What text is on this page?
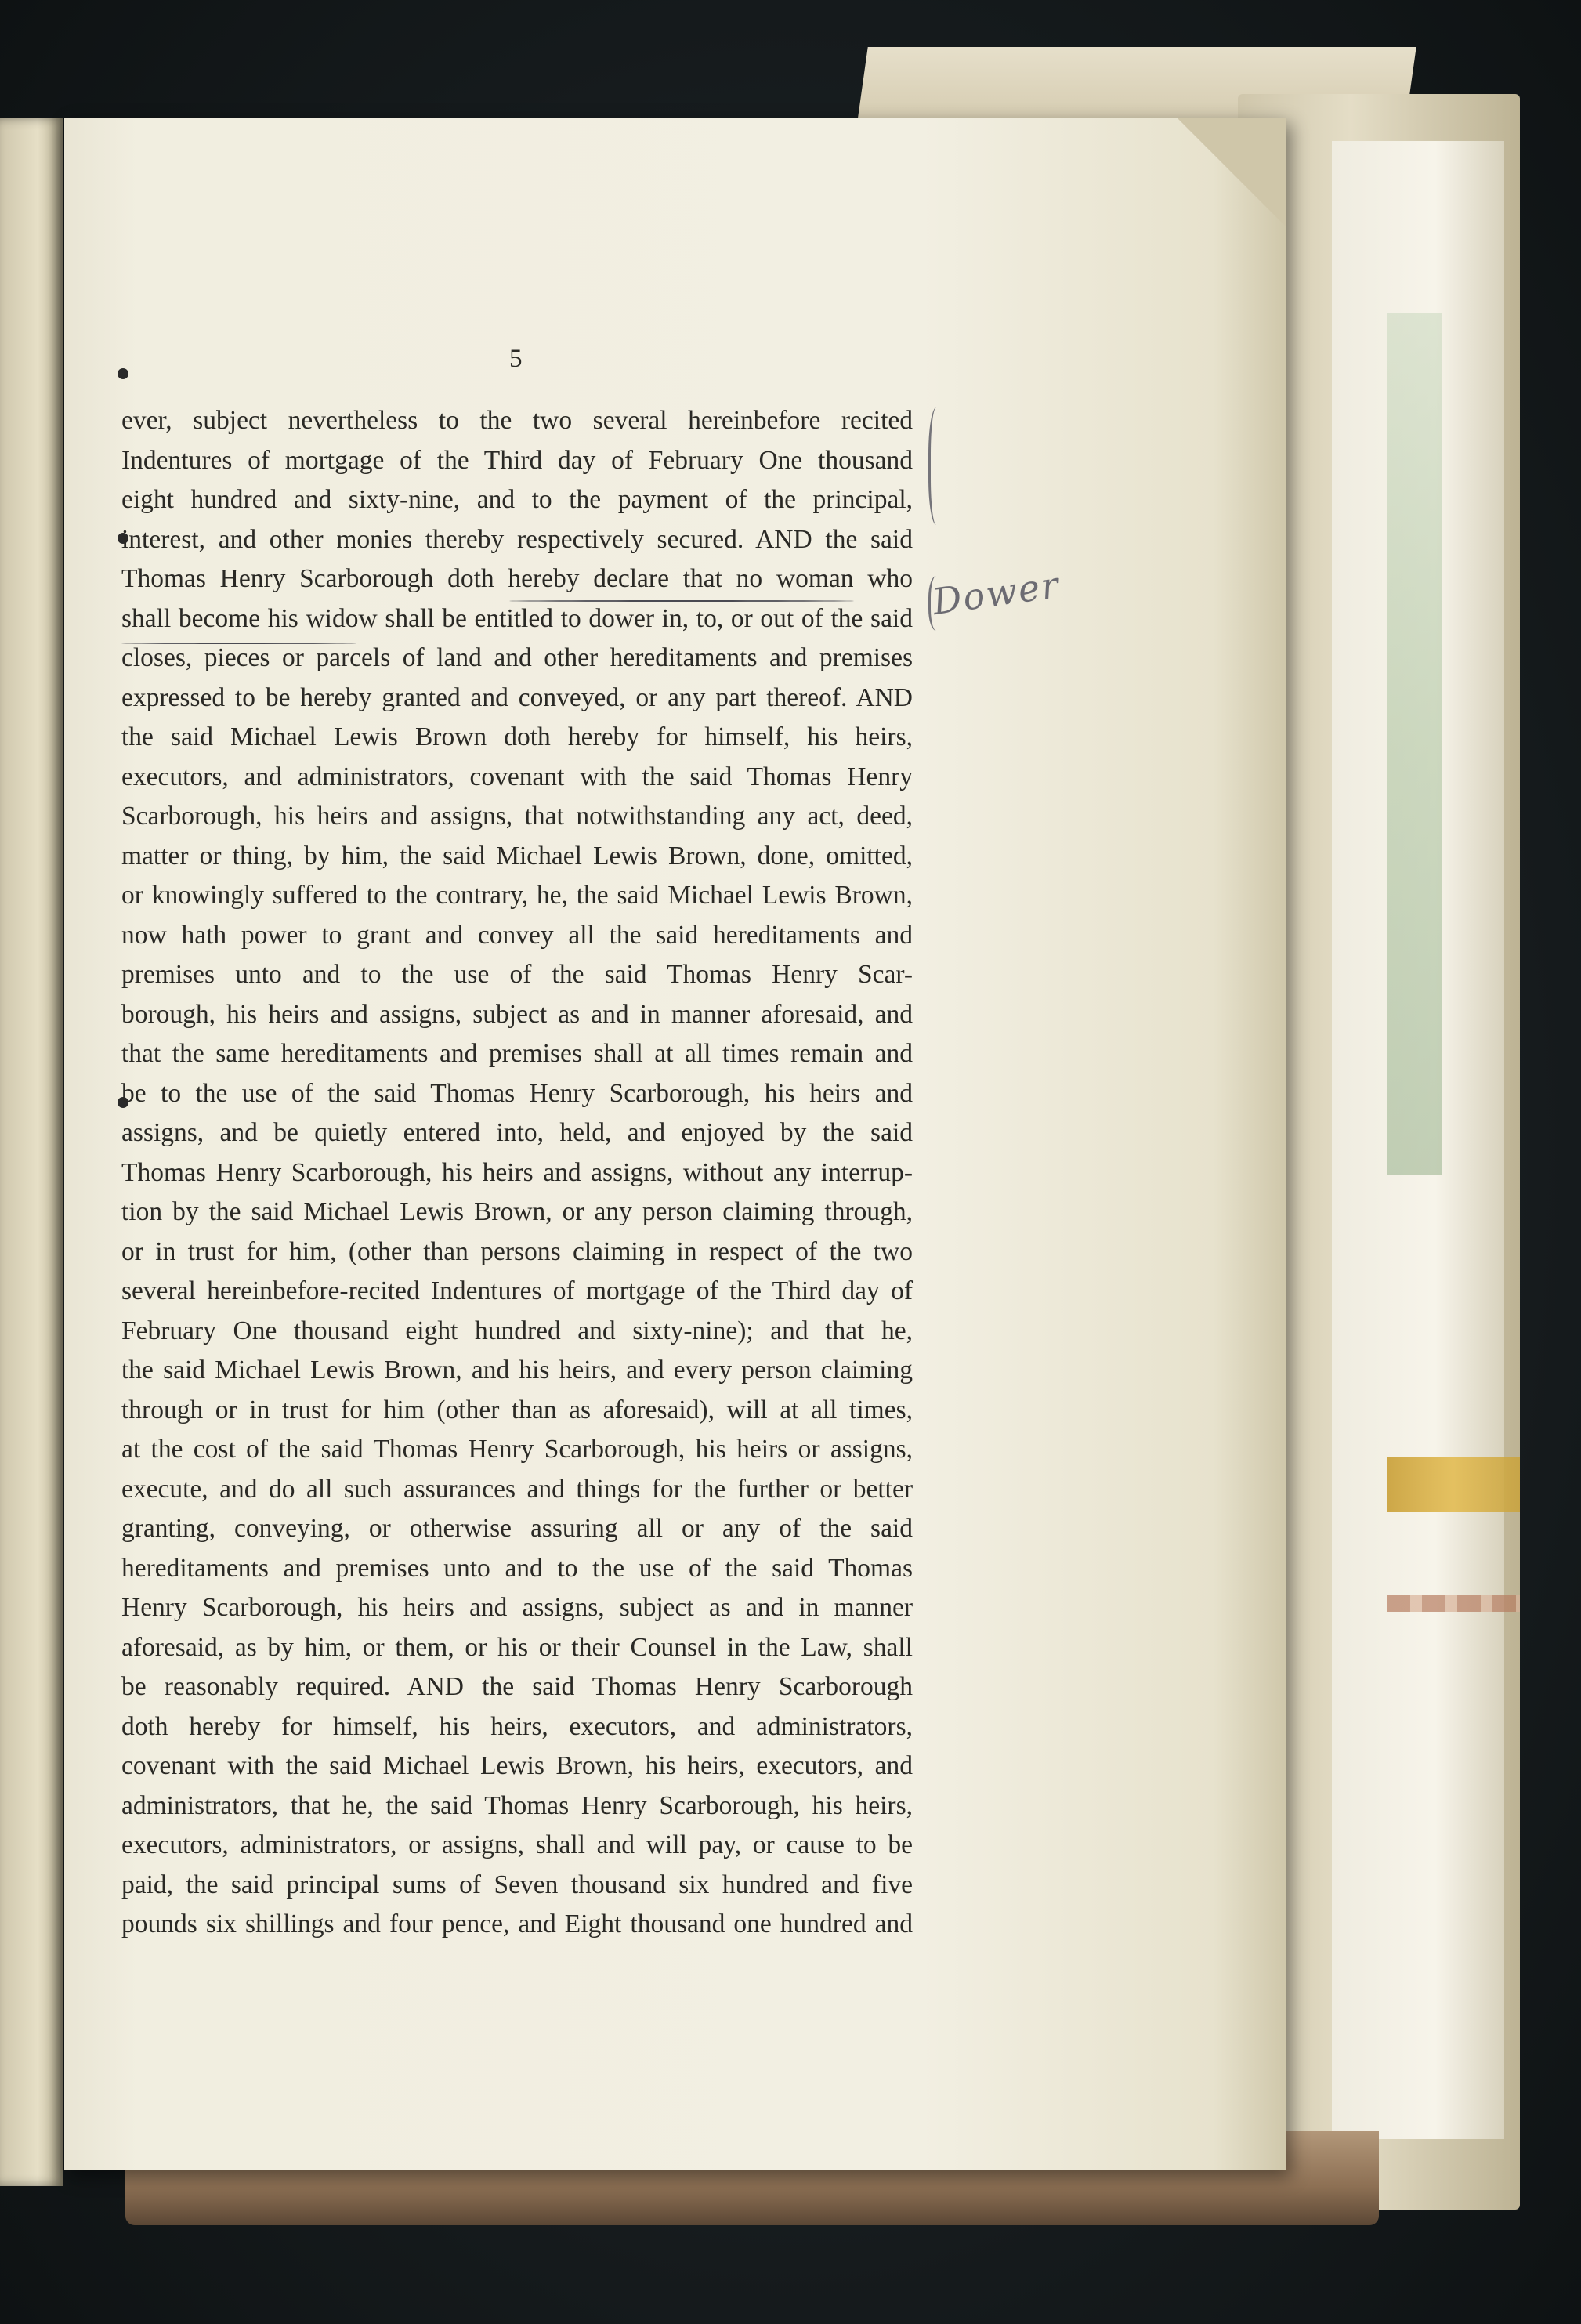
5
ever, subject nevertheless to the two several hereinbefore recited
Indentures of mortgage of the Third day of February One thousand
eight hundred and sixty-nine, and to the payment of the principal,
interest, and other monies thereby respectively secured. AND the said
Thomas Henry Scarborough doth hereby declare that no woman who
shall become his widow shall be entitled to dower in, to, or out of the said
closes, pieces or parcels of land and other hereditaments and premises
expressed to be hereby granted and conveyed, or any part thereof. AND
the said Michael Lewis Brown doth hereby for himself, his heirs,
executors, and administrators, covenant with the said Thomas Henry
Scarborough, his heirs and assigns, that notwithstanding any act, deed,
matter or thing, by him, the said Michael Lewis Brown, done, omitted,
or knowingly suffered to the contrary, he, the said Michael Lewis Brown,
now hath power to grant and convey all the said hereditaments and
premises unto and to the use of the said Thomas Henry Scar-
borough, his heirs and assigns, subject as and in manner aforesaid, and
that the same hereditaments and premises shall at all times remain and
be to the use of the said Thomas Henry Scarborough, his heirs and
assigns, and be quietly entered into, held, and enjoyed by the said
Thomas Henry Scarborough, his heirs and assigns, without any interrup-
tion by the said Michael Lewis Brown, or any person claiming through,
or in trust for him, (other than persons claiming in respect of the two
several hereinbefore-recited Indentures of mortgage of the Third day of
February One thousand eight hundred and sixty-nine); and that he,
the said Michael Lewis Brown, and his heirs, and every person claiming
through or in trust for him (other than as aforesaid), will at all times,
at the cost of the said Thomas Henry Scarborough, his heirs or assigns,
execute, and do all such assurances and things for the further or better
granting, conveying, or otherwise assuring all or any of the said
hereditaments and premises unto and to the use of the said Thomas
Henry Scarborough, his heirs and assigns, subject as and in manner
aforesaid, as by him, or them, or his or their Counsel in the Law, shall
be reasonably required. AND the said Thomas Henry Scarborough
doth hereby for himself, his heirs, executors, and administrators,
covenant with the said Michael Lewis Brown, his heirs, executors, and
administrators, that he, the said Thomas Henry Scarborough, his heirs,
executors, administrators, or assigns, shall and will pay, or cause to be
paid, the said principal sums of Seven thousand six hundred and five
pounds six shillings and four pence, and Eight thousand one hundred and
Dower
